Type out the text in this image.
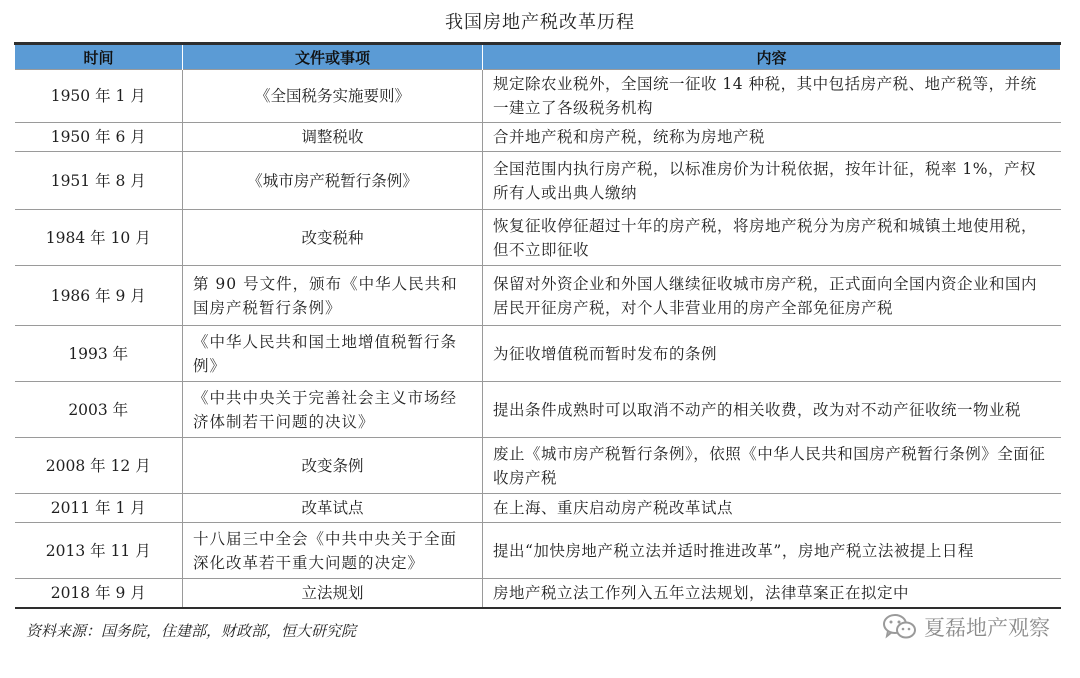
我国房地产税改革历程
时间	文件或事项	内容
1950 年 1 月	《全国税务实施要则》	规定除农业税外，全国统一征收 14 种税，其中包括房产税、地产税等，并统一建立了各级税务机构
1950 年 6 月	调整税收	合并地产税和房产税，统称为房地产税
1951 年 8 月	《城市房产税暂行条例》	全国范围内执行房产税，以标准房价为计税依据，按年计征，税率 1%，产权所有人或出典人缴纳
1984 年 10 月	改变税种	恢复征收停征超过十年的房产税，将房地产税分为房产税和城镇土地使用税，但不立即征收
1986 年 9 月	第 90 号文件，颁布《中华人民共和国房产税暂行条例》	保留对外资企业和外国人继续征收城市房产税，正式面向全国内资企业和国内居民开征房产税，对个人非营业用的房产全部免征房产税
1993 年	《中华人民共和国土地增值税暂行条例》	为征收增值税而暂时发布的条例
2003 年	《中共中央关于完善社会主义市场经济体制若干问题的决议》	提出条件成熟时可以取消不动产的相关收费，改为对不动产征收统一物业税
2008 年 12 月	改变条例	废止《城市房产税暂行条例》，依照《中华人民共和国房产税暂行条例》全面征收房产税
2011 年 1 月	改革试点	在上海、重庆启动房产税改革试点
2013 年 11 月	十八届三中全会《中共中央关于全面深化改革若干重大问题的决定》	提出“加快房地产税立法并适时推进改革”，房地产税立法被提上日程
2018 年 9 月	立法规划	房地产税立法工作列入五年立法规划，法律草案正在拟定中
资料来源：国务院，住建部，财政部，恒大研究院	夏磊地产观察
